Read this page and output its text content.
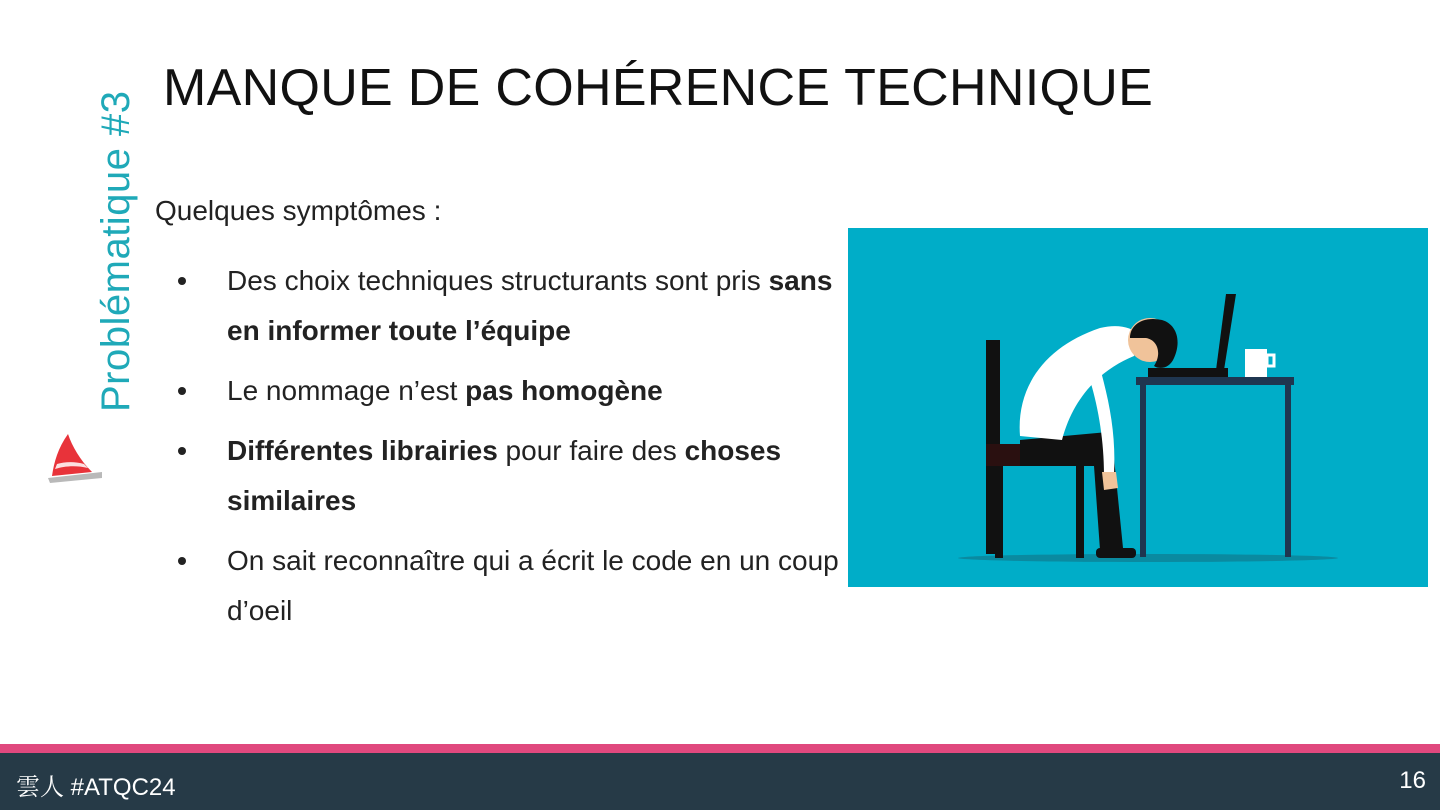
Problématique #3
MANQUE DE COHÉRENCE TECHNIQUE
Quelques symptômes :
Des choix techniques structurants sont pris sans en informer toute l’équipe
Le nommage n’est pas homogène
Différentes librairies pour faire des choses similaires
On sait reconnaître qui a écrit le code en un coup d’oeil
雲人 #ATQC24	16
